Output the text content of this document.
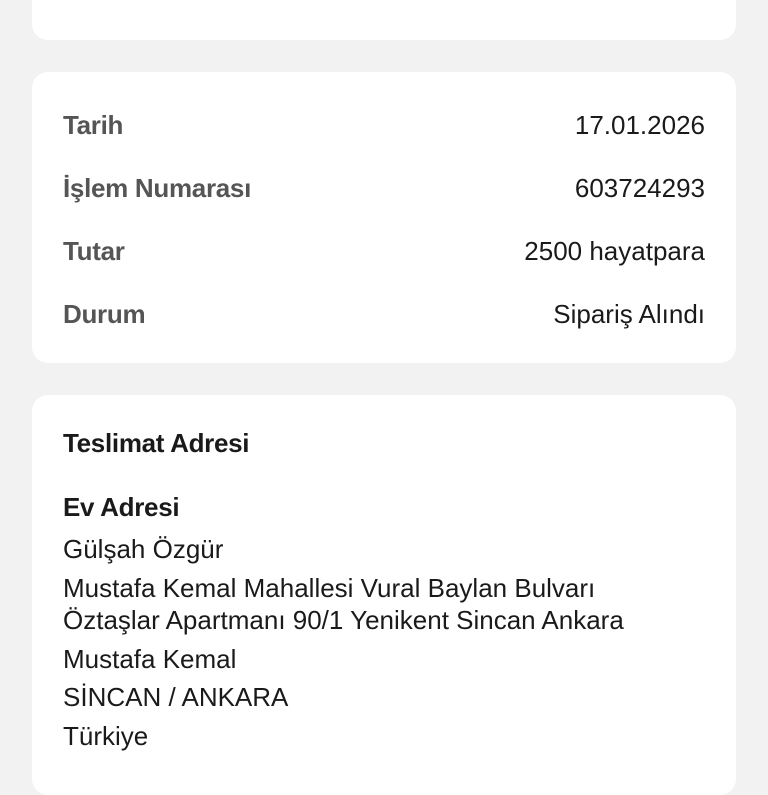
Tarih	17.01.2026
İşlem Numarası	603724293
Tutar	2500 hayatpara
Durum	Sipariş Alındı
Teslimat Adresi
Ev Adresi
Gülşah Özgür
Mustafa Kemal Mahallesi Vural Baylan Bulvarı
Öztaşlar Apartmanı 90/1 Yenikent Sincan Ankara
Mustafa Kemal
SİNCAN / ANKARA
Türkiye
